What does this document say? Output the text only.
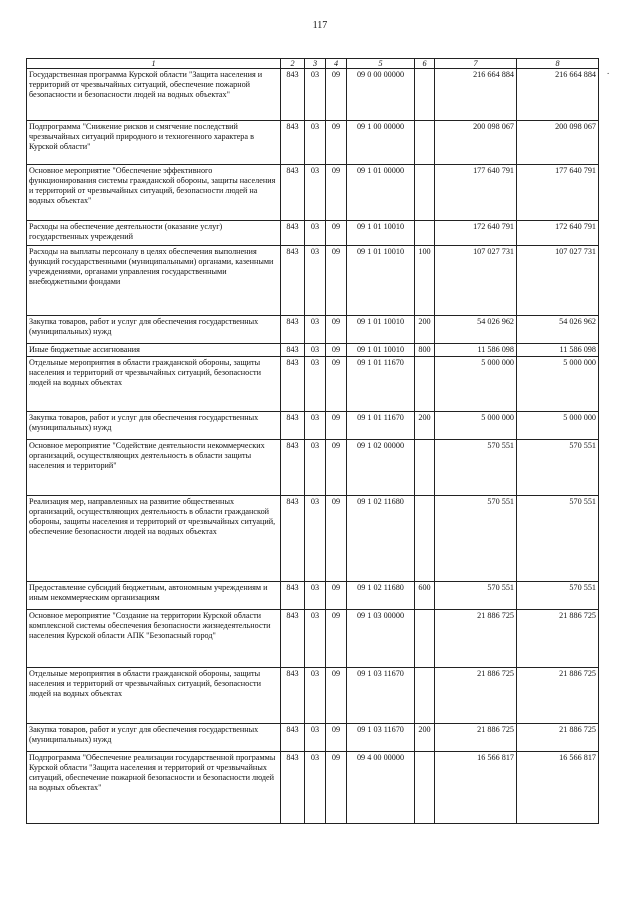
117
.
1	2	3	4	5	6	7	8
Государственная программа Курской области "Защита населения и территорий от чрезвычайных ситуаций, обеспечение пожарной безопасности и безопасности людей на водных объектах"	843	03	09	09 0 00 00000		216 664 884	216 664 884
Подпрограмма "Снижение рисков и смягчение последствий чрезвычайных ситуаций природного и техногенного характера в Курской области"	843	03	09	09 1 00 00000		200 098 067	200 098 067
Основное мероприятие "Обеспечение эффективного функционирования системы гражданской обороны, защиты населения и территорий от чрезвычайных ситуаций, безопасности людей на водных объектах"	843	03	09	09 1 01 00000		177 640 791	177 640 791
Расходы на обеспечение деятельности (оказание услуг) государственных учреждений	843	03	09	09 1 01 10010		172 640 791	172 640 791
Расходы на выплаты персоналу в целях обеспечения выполнения функций государственными (муниципальными) органами, казенными учреждениями, органами управления государственными внебюджетными фондами	843	03	09	09 1 01 10010	100	107 027 731	107 027 731
Закупка товаров, работ и услуг для обеспечения государственных (муниципальных) нужд	843	03	09	09 1 01 10010	200	54 026 962	54 026 962
Иные бюджетные ассигнования	843	03	09	09 1 01 10010	800	11 586 098	11 586 098
Отдельные мероприятия в области гражданской обороны, защиты населения и территорий от чрезвычайных ситуаций, безопасности людей на водных объектах	843	03	09	09 1 01 11670		5 000 000	5 000 000
Закупка товаров, работ и услуг для обеспечения государственных (муниципальных) нужд	843	03	09	09 1 01 11670	200	5 000 000	5 000 000
Основное мероприятие "Содействие деятельности некоммерческих организаций, осуществляющих деятельность в области защиты населения и территорий"	843	03	09	09 1 02 00000		570 551	570 551
Реализация мер, направленных на развитие общественных организаций, осуществляющих деятельность в области гражданской обороны, защиты населения и территорий от чрезвычайных ситуаций, обеспечение безопасности людей на водных объектах	843	03	09	09 1 02 11680		570 551	570 551
Предоставление субсидий бюджетным, автономным учреждениям и иным некоммерческим организациям	843	03	09	09 1 02 11680	600	570 551	570 551
Основное мероприятие "Создание на территории Курской области комплексной системы обеспечения безопасности жизнедеятельности населения Курской области АПК "Безопасный город"	843	03	09	09 1 03 00000		21 886 725	21 886 725
Отдельные мероприятия в области гражданской обороны, защиты населения и территорий от чрезвычайных ситуаций, безопасности людей на водных объектах	843	03	09	09 1 03 11670		21 886 725	21 886 725
Закупка товаров, работ и услуг для обеспечения государственных (муниципальных) нужд	843	03	09	09 1 03 11670	200	21 886 725	21 886 725
Подпрограмма "Обеспечение реализации государственной программы Курской области "Защита населения и территорий от чрезвычайных ситуаций, обеспечение пожарной безопасности и безопасности людей на водных объектах"	843	03	09	09 4 00 00000		16 566 817	16 566 817
